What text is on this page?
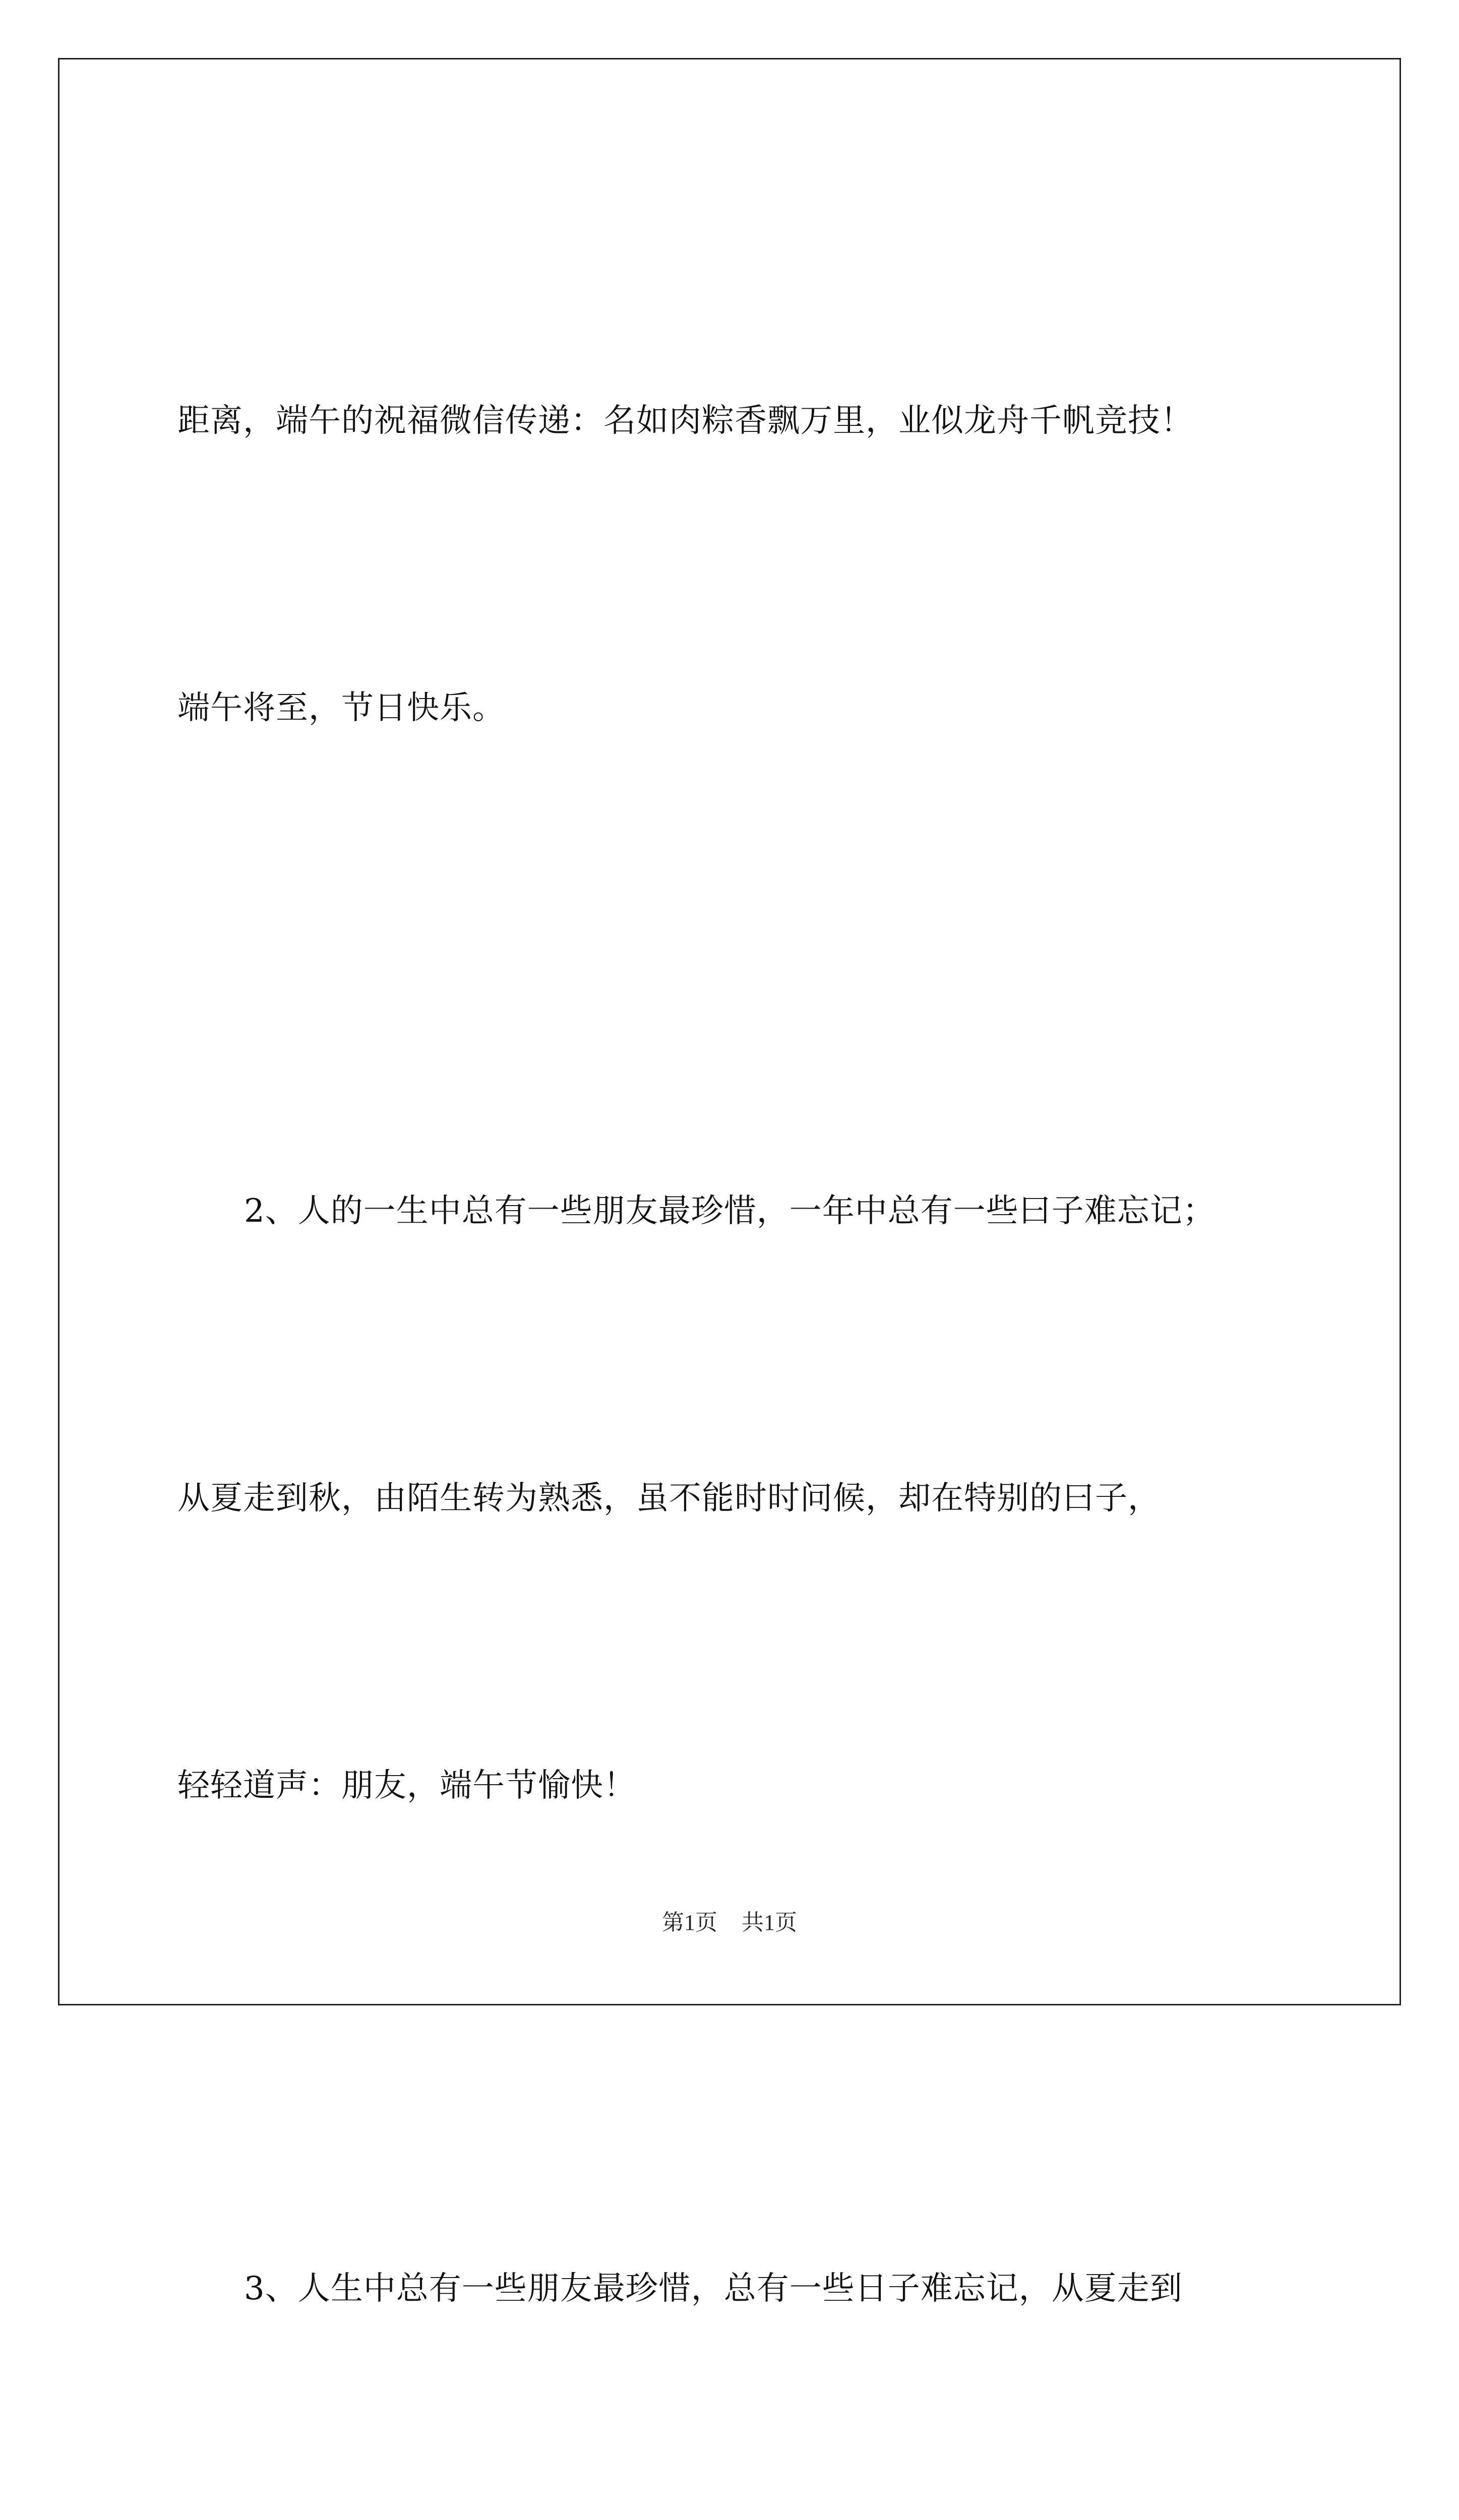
距离，端午的祝福微信传递：名如肉粽香飘万里，业似龙舟千帆竞技！

端午将至，节日快乐。

2、人的一生中总有一些朋友最珍惜，一年中总有一些曰子难忘记；

从夏走到秋，由陌生转为熟悉，虽不能时时问候，却在特别的曰子，

轻轻道声：朋友，端午节愉快！

3、人生中总有一些朋友最珍惜，总有一些日子难忘记，从夏走到

第1页 共1页
